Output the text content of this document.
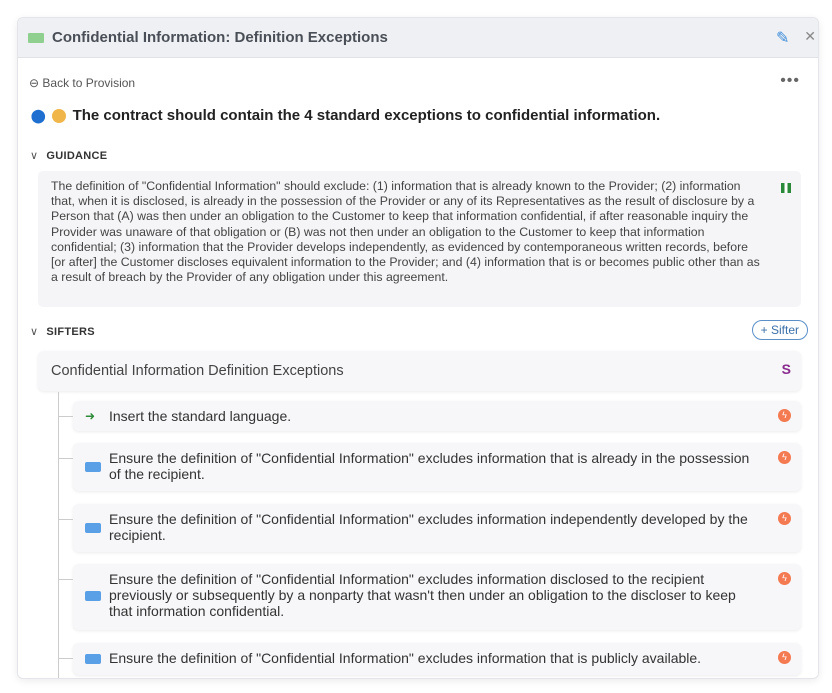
Confidential Information: Definition Exceptions	✎	✕
⊖ Back to Provision	•••
⬤ The contract should contain the 4 standard exceptions to confidential information.
∨ GUIDANCE
The definition of "Confidential Information" should exclude: (1) information that is already known to the Provider; (2) information that, when it is disclosed, is already in the possession of the Provider or any of its Representatives as the result of disclosure by a Person that (A) was then under an obligation to the Customer to keep that information confidential, if after reasonable inquiry the Provider was unaware of that obligation or (B) was not then under an obligation to the Customer to keep that information confidential; (3) information that the Provider develops independently, as evidenced by contemporaneous written records, before [or after] the Customer discloses equivalent information to the Provider; and (4) information that is or becomes public other than as a result of breach by the Provider of any obligation under this agreement.
∨ SIFTERS	+ Sifter
Confidential Information Definition Exceptions	S
➜ Insert the standard language.	ϟ
Ensure the definition of "Confidential Information" excludes information that is already in the possession of the recipient.
ϟ
Ensure the definition of "Confidential Information" excludes information independently developed by the recipient.
ϟ
Ensure the definition of "Confidential Information" excludes information disclosed to the recipient previously or subsequently by a nonparty that wasn't then under an obligation to the discloser to keep that information confidential.
ϟ
Ensure the definition of "Confidential Information" excludes information that is publicly available.	ϟ
